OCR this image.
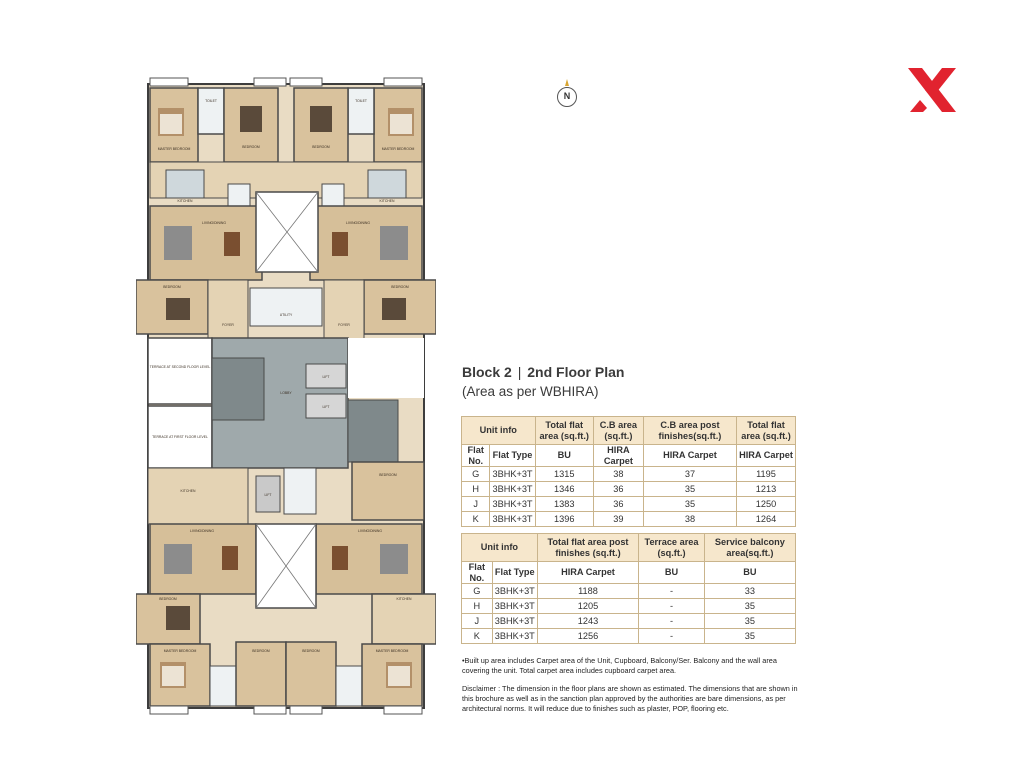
MASTER BEDROOM	MASTER BEDROOM
TOILET	TOILET
BEDROOM	BEDROOM
KITCHEN	KITCHEN
LIVING/DINING	LIVING/DINING
BEDROOM	BEDROOM
FOYER	FOYER
UTILITY
TERRACE AT SECOND FLOOR LEVEL
TERRACE AT FIRST FLOOR LEVEL
LOBBY
LIFT
LIFT
LIFT
BEDROOM
KITCHEN
LIVING/DINING	LIVING/DINING
BEDROOM	KITCHEN
MASTER BEDROOM	BEDROOM	BEDROOM	MASTER BEDROOM
N
Block 2 | 2nd Floor Plan
(Area as per WBHIRA)
Unit info		Total flat area (sq.ft.)	C.B area (sq.ft.)	C.B area post finishes(sq.ft.)	Total flat area (sq.ft.)
Flat No.	Flat Type	BU	HIRA Carpet	HIRA Carpet	HIRA Carpet
G	3BHK+3T	1315	38	37	1195
H	3BHK+3T	1346	36	35	1213
J	3BHK+3T	1383	36	35	1250
K	3BHK+3T	1396	39	38	1264
Unit info		Total flat area post finishes (sq.ft.)	Terrace area (sq.ft.)	Service balcony area(sq.ft.)
Flat No.	Flat Type	HIRA Carpet	BU	BU
G	3BHK+3T	1188	-	33
H	3BHK+3T	1205	-	35
J	3BHK+3T	1243	-	35
K	3BHK+3T	1256	-	35

•Built up area includes Carpet area of the Unit, Cupboard, Balcony/Ser. Balcony and the wall area covering the unit. Total carpet area includes cupboard carpet area.

Disclaimer : The dimension in the floor plans are shown as estimated. The dimensions that are shown in this brochure as well as in the sanction plan approved by the authorities are bare dimensions, as per architectural norms. It will reduce due to finishes such as plaster, POP, flooring etc.
